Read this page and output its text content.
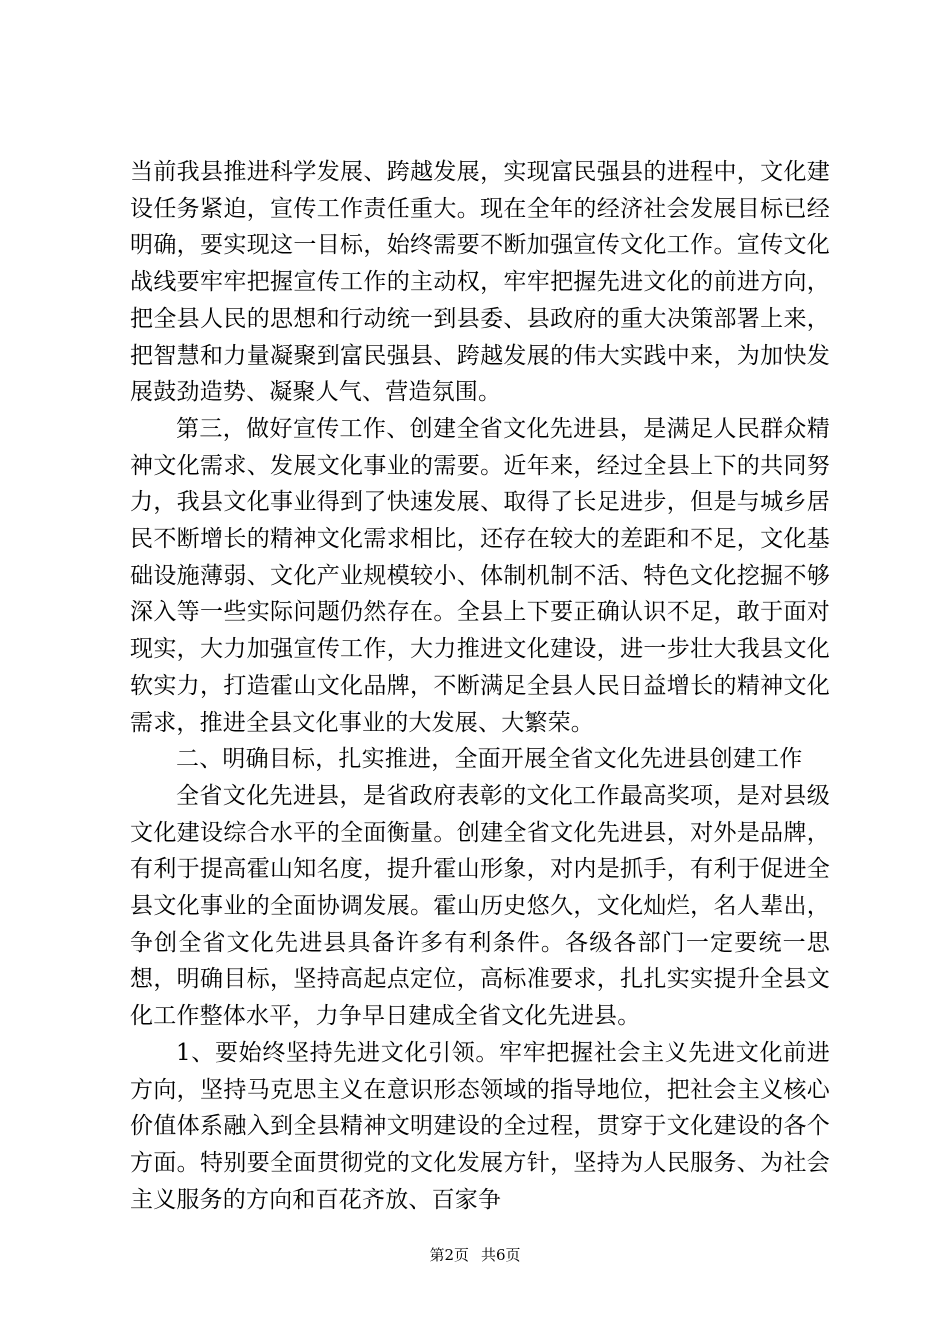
当前我县推进科学发展、跨越发展，实现富民强县的进程中，文化建设任务紧迫，宣传工作责任重大。现在全年的经济社会发展目标已经明确，要实现这一目标，始终需要不断加强宣传文化工作。宣传文化战线要牢牢把握宣传工作的主动权，牢牢把握先进文化的前进方向，把全县人民的思想和行动统一到县委、县政府的重大决策部署上来，把智慧和力量凝聚到富民强县、跨越发展的伟大实践中来，为加快发展鼓劲造势、凝聚人气、营造氛围。

第三，做好宣传工作、创建全省文化先进县，是满足人民群众精神文化需求、发展文化事业的需要。近年来，经过全县上下的共同努力，我县文化事业得到了快速发展、取得了长足进步，但是与城乡居民不断增长的精神文化需求相比，还存在较大的差距和不足，文化基础设施薄弱、文化产业规模较小、体制机制不活、特色文化挖掘不够深入等一些实际问题仍然存在。全县上下要正确认识不足，敢于面对现实，大力加强宣传工作，大力推进文化建设，进一步壮大我县文化软实力，打造霍山文化品牌，不断满足全县人民日益增长的精神文化需求，推进全县文化事业的大发展、大繁荣。

二、明确目标，扎实推进，全面开展全省文化先进县创建工作

全省文化先进县，是省政府表彰的文化工作最高奖项，是对县级文化建设综合水平的全面衡量。创建全省文化先进县，对外是品牌，有利于提高霍山知名度，提升霍山形象，对内是抓手，有利于促进全县文化事业的全面协调发展。霍山历史悠久，文化灿烂，名人辈出，争创全省文化先进县具备许多有利条件。各级各部门一定要统一思想，明确目标，坚持高起点定位，高标准要求，扎扎实实提升全县文化工作整体水平，力争早日建成全省文化先进县。

1、要始终坚持先进文化引领。牢牢把握社会主义先进文化前进方向，坚持马克思主义在意识形态领域的指导地位，把社会主义核心价值体系融入到全县精神文明建设的全过程，贯穿于文化建设的各个方面。特别要全面贯彻党的文化发展方针，坚持为人民服务、为社会主义服务的方向和百花齐放、百家争

第2页 共6页
